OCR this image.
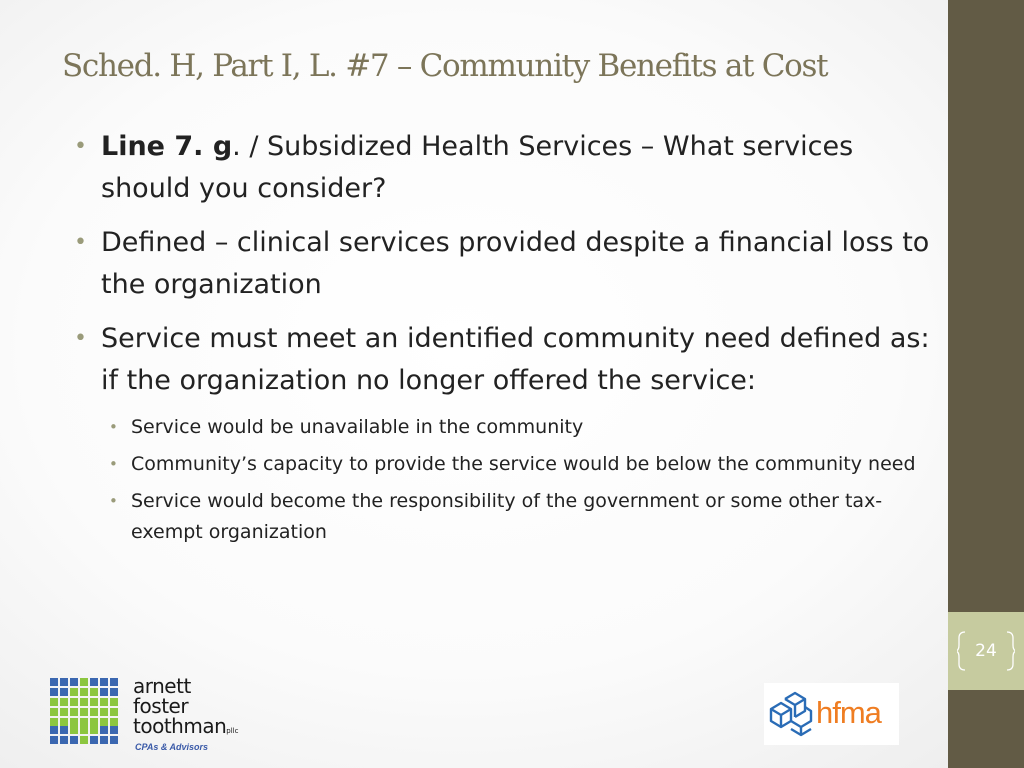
24
Sched. H, Part I, L. #7 – Community Benefits at Cost
• Line 7. g. / Subsidized Health Services – What services should you consider?
• Defined – clinical services provided despite a financial loss to the organization
• Service must meet an identified community need defined as: if the organization no longer offered the service:
• Service would be unavailable in the community
• Community’s capacity to provide the service would be below the community need
• Service would become the responsibility of the government or some other tax-exempt organization
arnett
foster
toothmanpllc
CPAs & Advisors
hfma
